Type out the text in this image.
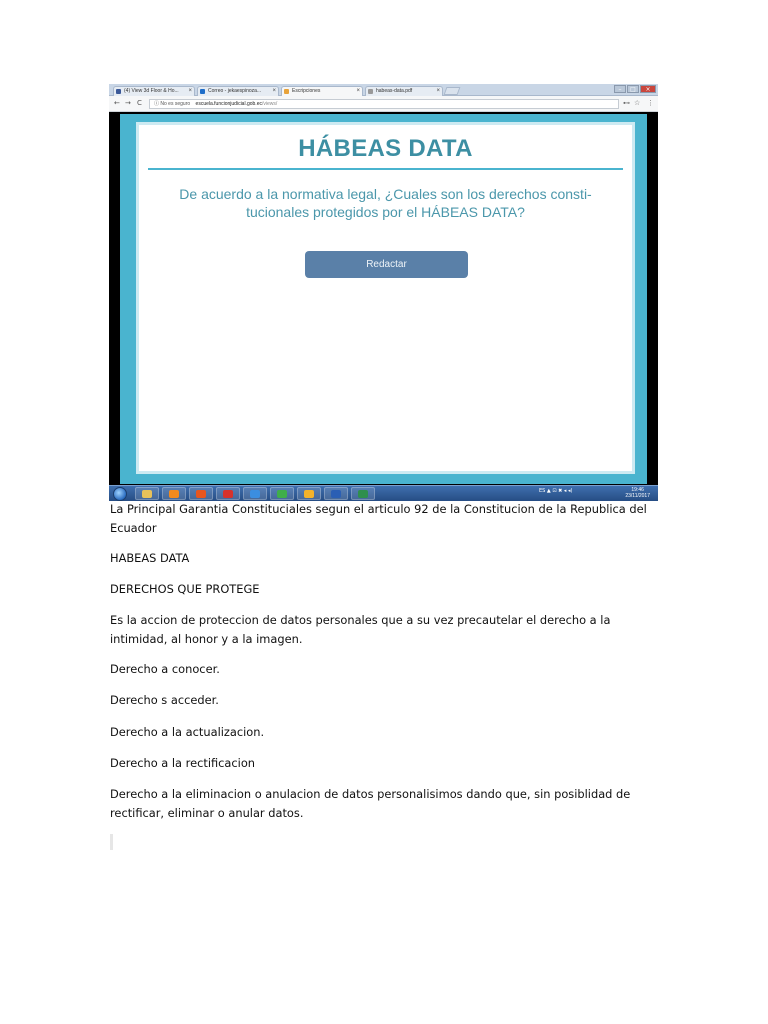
(4) View 3d Floor & Ho... ×	Correo - jekaespinoza... ×	Escripciones	×	habeas-data.pdf	×	–	□	×
← → C	ⓘ No es seguro escuela.funcionjudicial.gob.ec/views/	⊷ ☆ ⋮
HÁBEAS DATA
De acuerdo a la normativa legal, ¿Cuales son los derechos consti-
tucionales protegidos por el HÁBEAS DATA?
Redactar
ES ▲ ⊡ ✖ ◂ ◂)	19:46
23/11/2017

La Principal Garantia Constituciales segun el articulo 92 de la Constitucion de la Republica del Ecuador

HABEAS DATA

DERECHOS QUE PROTEGE

Es la accion de proteccion de datos personales que a su vez precautelar el derecho a la intimidad, al honor y a la imagen.

Derecho a conocer.

Derecho s acceder.

Derecho a la actualizacion.

Derecho a la rectificacion

Derecho a la eliminacion o anulacion de datos personalisimos dando que, sin posiblidad de rectificar, eliminar o anular datos.
